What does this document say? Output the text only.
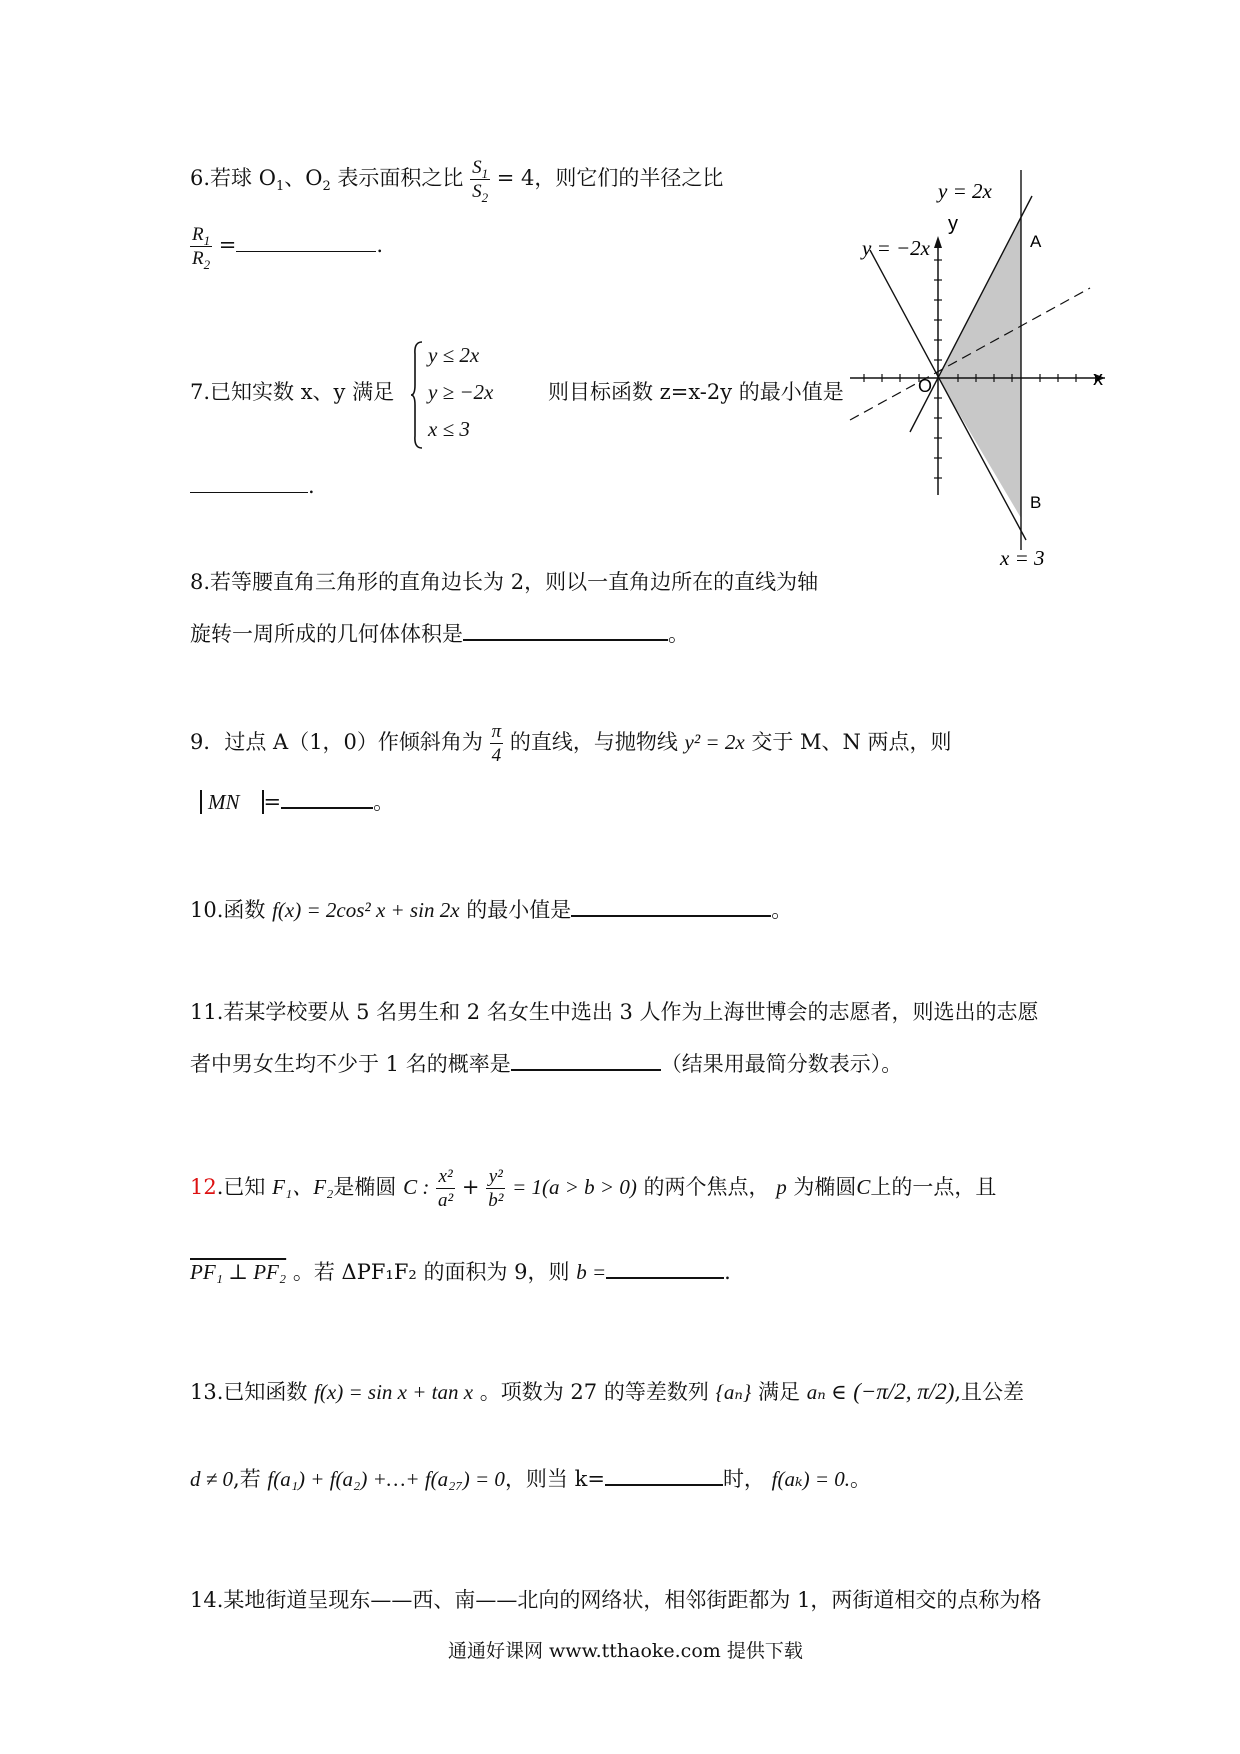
6.若球 $O_1$、$O_2$ 表示面积之比 $\frac{S_1}{S_2} = 4$，则它们的半径之比
$\frac{R_1}{R_2}$ =	.
7.已知实数 x、y 满足
y ≤ 2x
y ≥ −2x
x ≤ 3
则目标函数 z=x-2y 的最小值是
.
y = 2x
y = −2x
y
x
O
A
B
x = 3
8.若等腰直角三角形的直角边长为 2，则以一直角边所在的直线为轴
旋转一周所成的几何体体积是	。
9．过点 A（1，0）作倾斜角为 $\frac{\pi}{4}$ 的直线，与抛物线 y² = 2x 交于 M、N 两点，则
MN =	。
10.函数 f(x) = 2cos² x + sin 2x 的最小值是	。
11.若某学校要从 5 名男生和 2 名女生中选出 3 人作为上海世博会的志愿者，则选出的志愿
者中男女生均不少于 1 名的概率是	（结果用最简分数表示）。
12.已知 F₁、F₂是椭圆 C : $\frac{\text{x²}}{\text{a²}} + \frac{\text{y²}}{\text{b²}} = 1(a > b > 0)$ 的两个焦点， p 为椭圆C上的一点，且
PF₁ ⊥ PF₂ 。若 ΔPF₁F₂ 的面积为 9，则 b =	.
13.已知函数 f(x) = sin x + tan x 。项数为 27 的等差数列 {aₙ} 满足 aₙ ∈ (−π/2, π/2),且公差
d ≠ 0,若 f(a₁) + f(a₂) +…+ f(a₂₇) = 0，则当 k=	时， f(aₖ) = 0.。
14.某地街道呈现东——西、南——北向的网络状，相邻街距都为 1，两街道相交的点称为格
通通好课网 www.tthaoke.com 提供下载
